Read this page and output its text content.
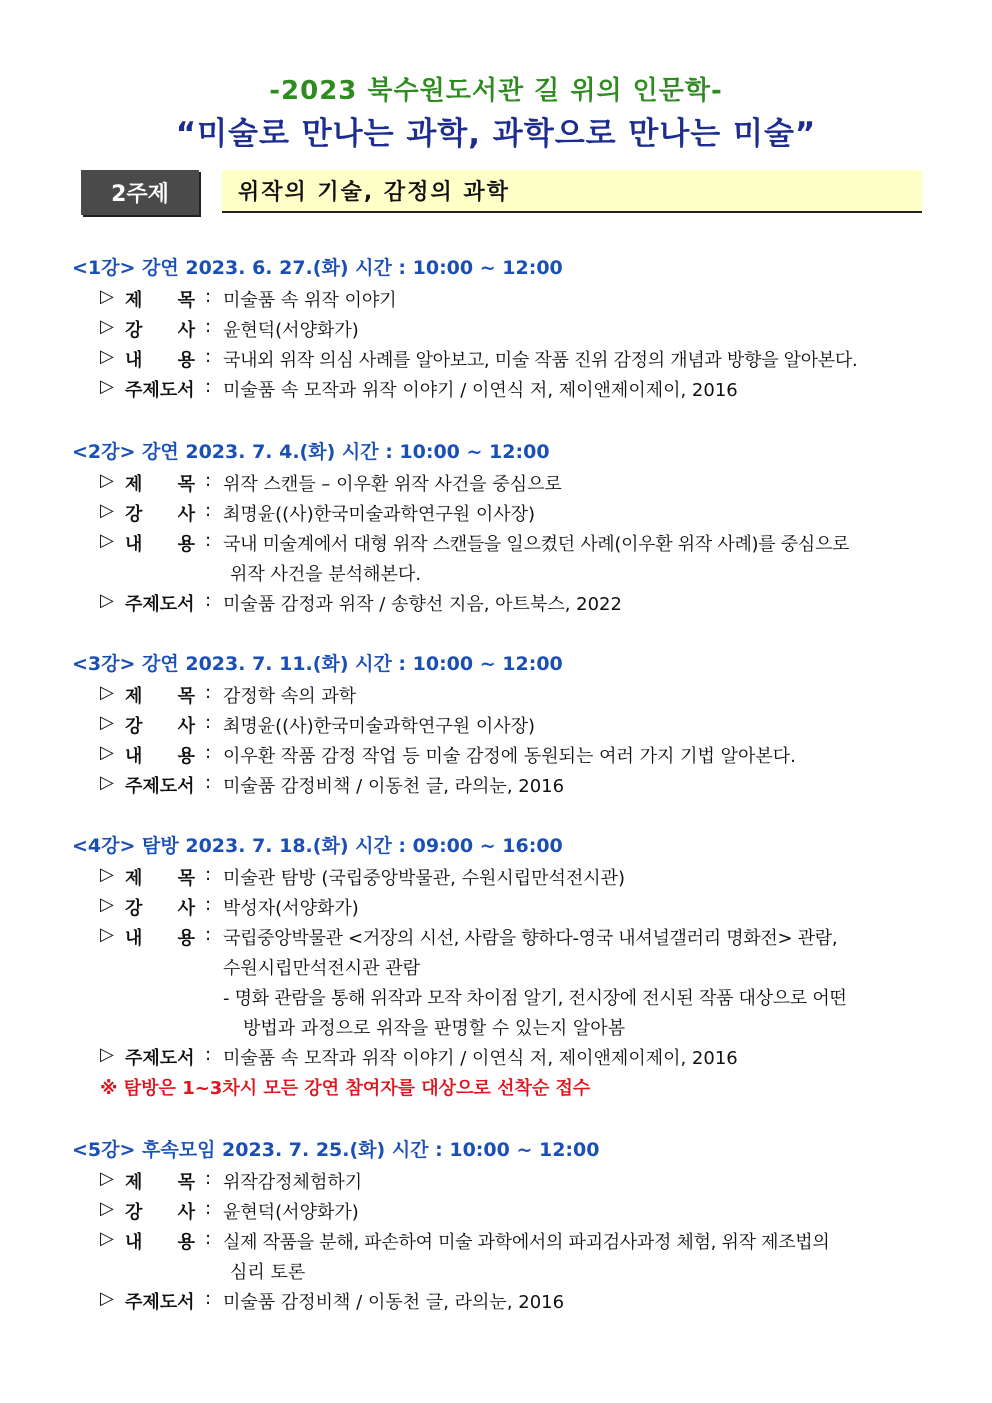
-2023 북수원도서관 길 위의 인문학-
“미술로 만나는 과학, 과학으로 만나는 미술”
2주제	위작의 기술, 감정의 과학
<1강> 강연 2023. 6. 27.(화) 시간 : 10:00 ~ 12:00
▷ 제 목 : 미술품 속 위작 이야기
▷ 강 사 : 윤현덕(서양화가)
▷ 내 용 : 국내외 위작 의심 사례를 알아보고, 미술 작품 진위 감정의 개념과 방향을 알아본다.
▷ 주제도서 : 미술품 속 모작과 위작 이야기 / 이연식 저, 제이앤제이제이, 2016
<2강> 강연 2023. 7. 4.(화) 시간 : 10:00 ~ 12:00
▷ 제 목 : 위작 스캔들 – 이우환 위작 사건을 중심으로
▷ 강 사 : 최명윤((사)한국미술과학연구원 이사장)
▷ 내 용 : 국내 미술계에서 대형 위작 스캔들을 일으켰던 사례(이우환 위작 사례)를 중심으로
위작 사건을 분석해본다.
▷ 주제도서 : 미술품 감정과 위작 / 송향선 지음, 아트북스, 2022
<3강> 강연 2023. 7. 11.(화) 시간 : 10:00 ~ 12:00
▷ 제 목 : 감정학 속의 과학
▷ 강 사 : 최명윤((사)한국미술과학연구원 이사장)
▷ 내 용 : 이우환 작품 감정 작업 등 미술 감정에 동원되는 여러 가지 기법 알아본다.
▷ 주제도서 : 미술품 감정비책 / 이동천 글, 라의눈, 2016
<4강> 탐방 2023. 7. 18.(화) 시간 : 09:00 ~ 16:00
▷ 제 목 : 미술관 탐방 (국립중앙박물관, 수원시립만석전시관)
▷ 강 사 : 박성자(서양화가)
▷ 내 용 : 국립중앙박물관 <거장의 시선, 사람을 향하다-영국 내셔널갤러리 명화전> 관람,
수원시립만석전시관 관람
- 명화 관람을 통해 위작과 모작 차이점 알기, 전시장에 전시된 작품 대상으로 어떤
방법과 과정으로 위작을 판명할 수 있는지 알아봄
▷ 주제도서 : 미술품 속 모작과 위작 이야기 / 이연식 저, 제이앤제이제이, 2016
※ 탐방은 1~3차시 모든 강연 참여자를 대상으로 선착순 접수
<5강> 후속모임 2023. 7. 25.(화) 시간 : 10:00 ~ 12:00
▷ 제 목 : 위작감정체험하기
▷ 강 사 : 윤현덕(서양화가)
▷ 내 용 : 실제 작품을 분해, 파손하여 미술 과학에서의 파괴검사과정 체험, 위작 제조법의
심리 토론
▷ 주제도서 : 미술품 감정비책 / 이동천 글, 라의눈, 2016
